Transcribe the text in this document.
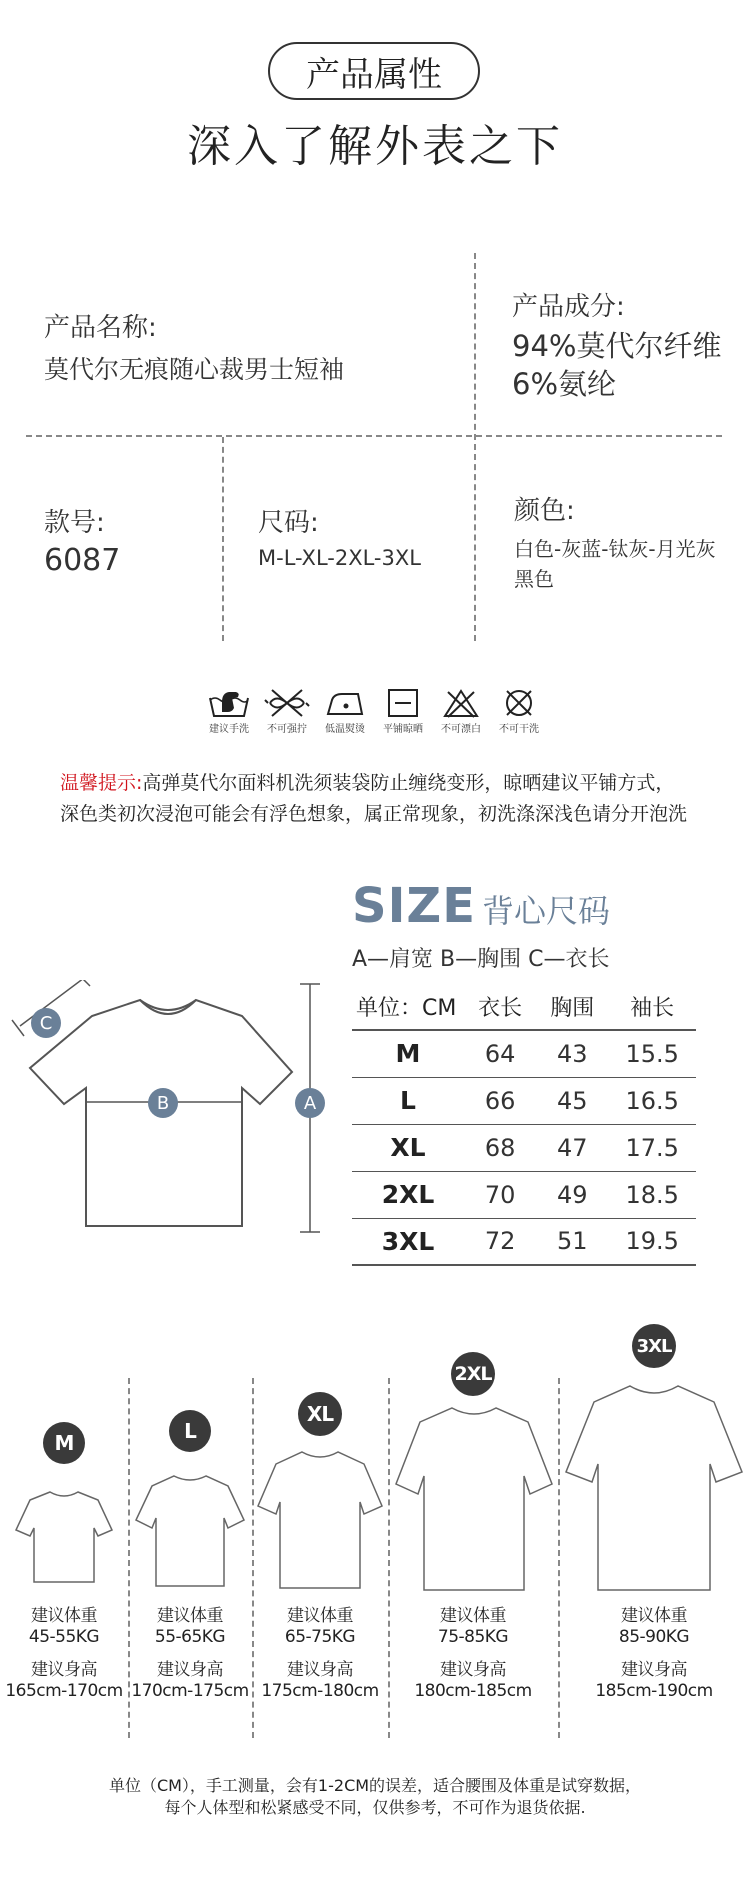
产品属性
深入了解外表之下
产品名称:
莫代尔无痕随心裁男士短袖
产品成分:
94%莫代尔纤维
6%氨纶
款号:
6087
尺码:
M-L-XL-2XL-3XL
颜色:
白色-灰蓝-钛灰-月光灰
黑色
建议手洗	不可强拧	低温熨烫	平铺晾晒	不可漂白	不可干洗
温馨提示:高弹莫代尔面料机洗须装袋防止缠绕变形，晾晒建议平铺方式，
深色类初次浸泡可能会有浮色想象，属正常现象，初洗涤深浅色请分开泡洗
SIZE 背心尺码
A—肩宽 B—胸围 C—衣长
C
B	A
单位：CM	衣长	胸围	袖长
M	64	43	15.5
L	66	45	16.5
XL	68	47	17.5
2XL	70	49	18.5
3XL	72	51	19.5
M
建议体重
45-55KG
建议身高
165cm-170cm
L
建议体重
55-65KG
建议身高
170cm-175cm
XL
建议体重
65-75KG
建议身高
175cm-180cm
2XL
建议体重
75-85KG
建议身高
180cm-185cm
3XL
建议体重
85-90KG
建议身高
185cm-190cm
单位（CM），手工测量，会有1-2CM的误差，适合腰围及体重是试穿数据，
每个人体型和松紧感受不同，仅供参考，不可作为退货依据.
